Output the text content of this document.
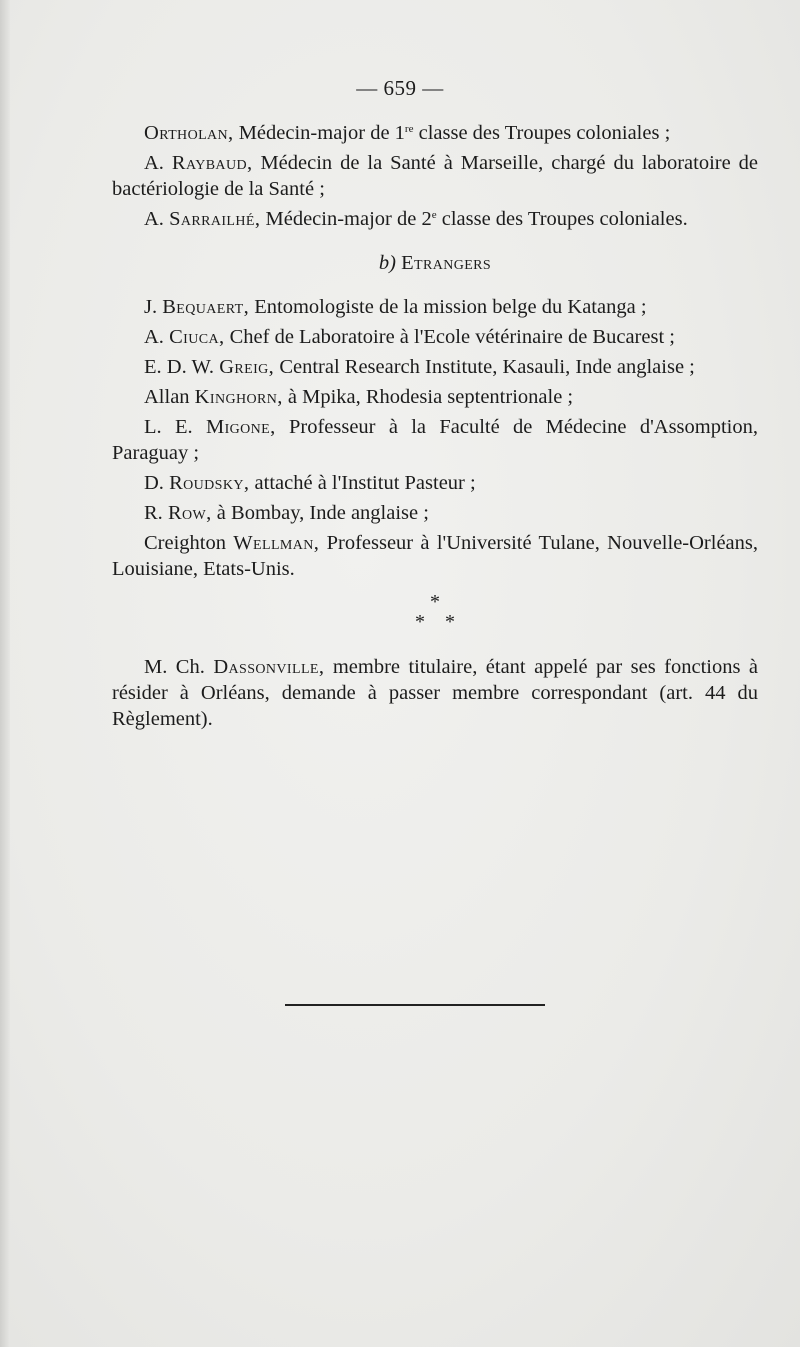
— 659 —

Ortholan, Médecin-major de 1re classe des Troupes coloniales ;

A. Raybaud, Médecin de la Santé à Marseille, chargé du laboratoire de bactériologie de la Santé ;

A. Sarrailhé, Médecin-major de 2e classe des Troupes coloniales.

b) Etrangers

J. Bequaert, Entomologiste de la mission belge du Katanga ;

A. Ciuca, Chef de Laboratoire à l'Ecole vétérinaire de Bucarest ;

E. D. W. Greig, Central Research Institute, Kasauli, Inde anglaise ;

Allan Kinghorn, à Mpika, Rhodesia septentrionale ;

L. E. Migone, Professeur à la Faculté de Médecine d'Assomption, Paraguay ;

D. Roudsky, attaché à l'Institut Pasteur ;

R. Row, à Bombay, Inde anglaise ;

Creighton Wellman, Professeur à l'Université Tulane, Nouvelle-Orléans, Louisiane, Etats-Unis.

*
* *

M. Ch. Dassonville, membre titulaire, étant appelé par ses fonctions à résider à Orléans, demande à passer membre correspondant (art. 44 du Règlement).
